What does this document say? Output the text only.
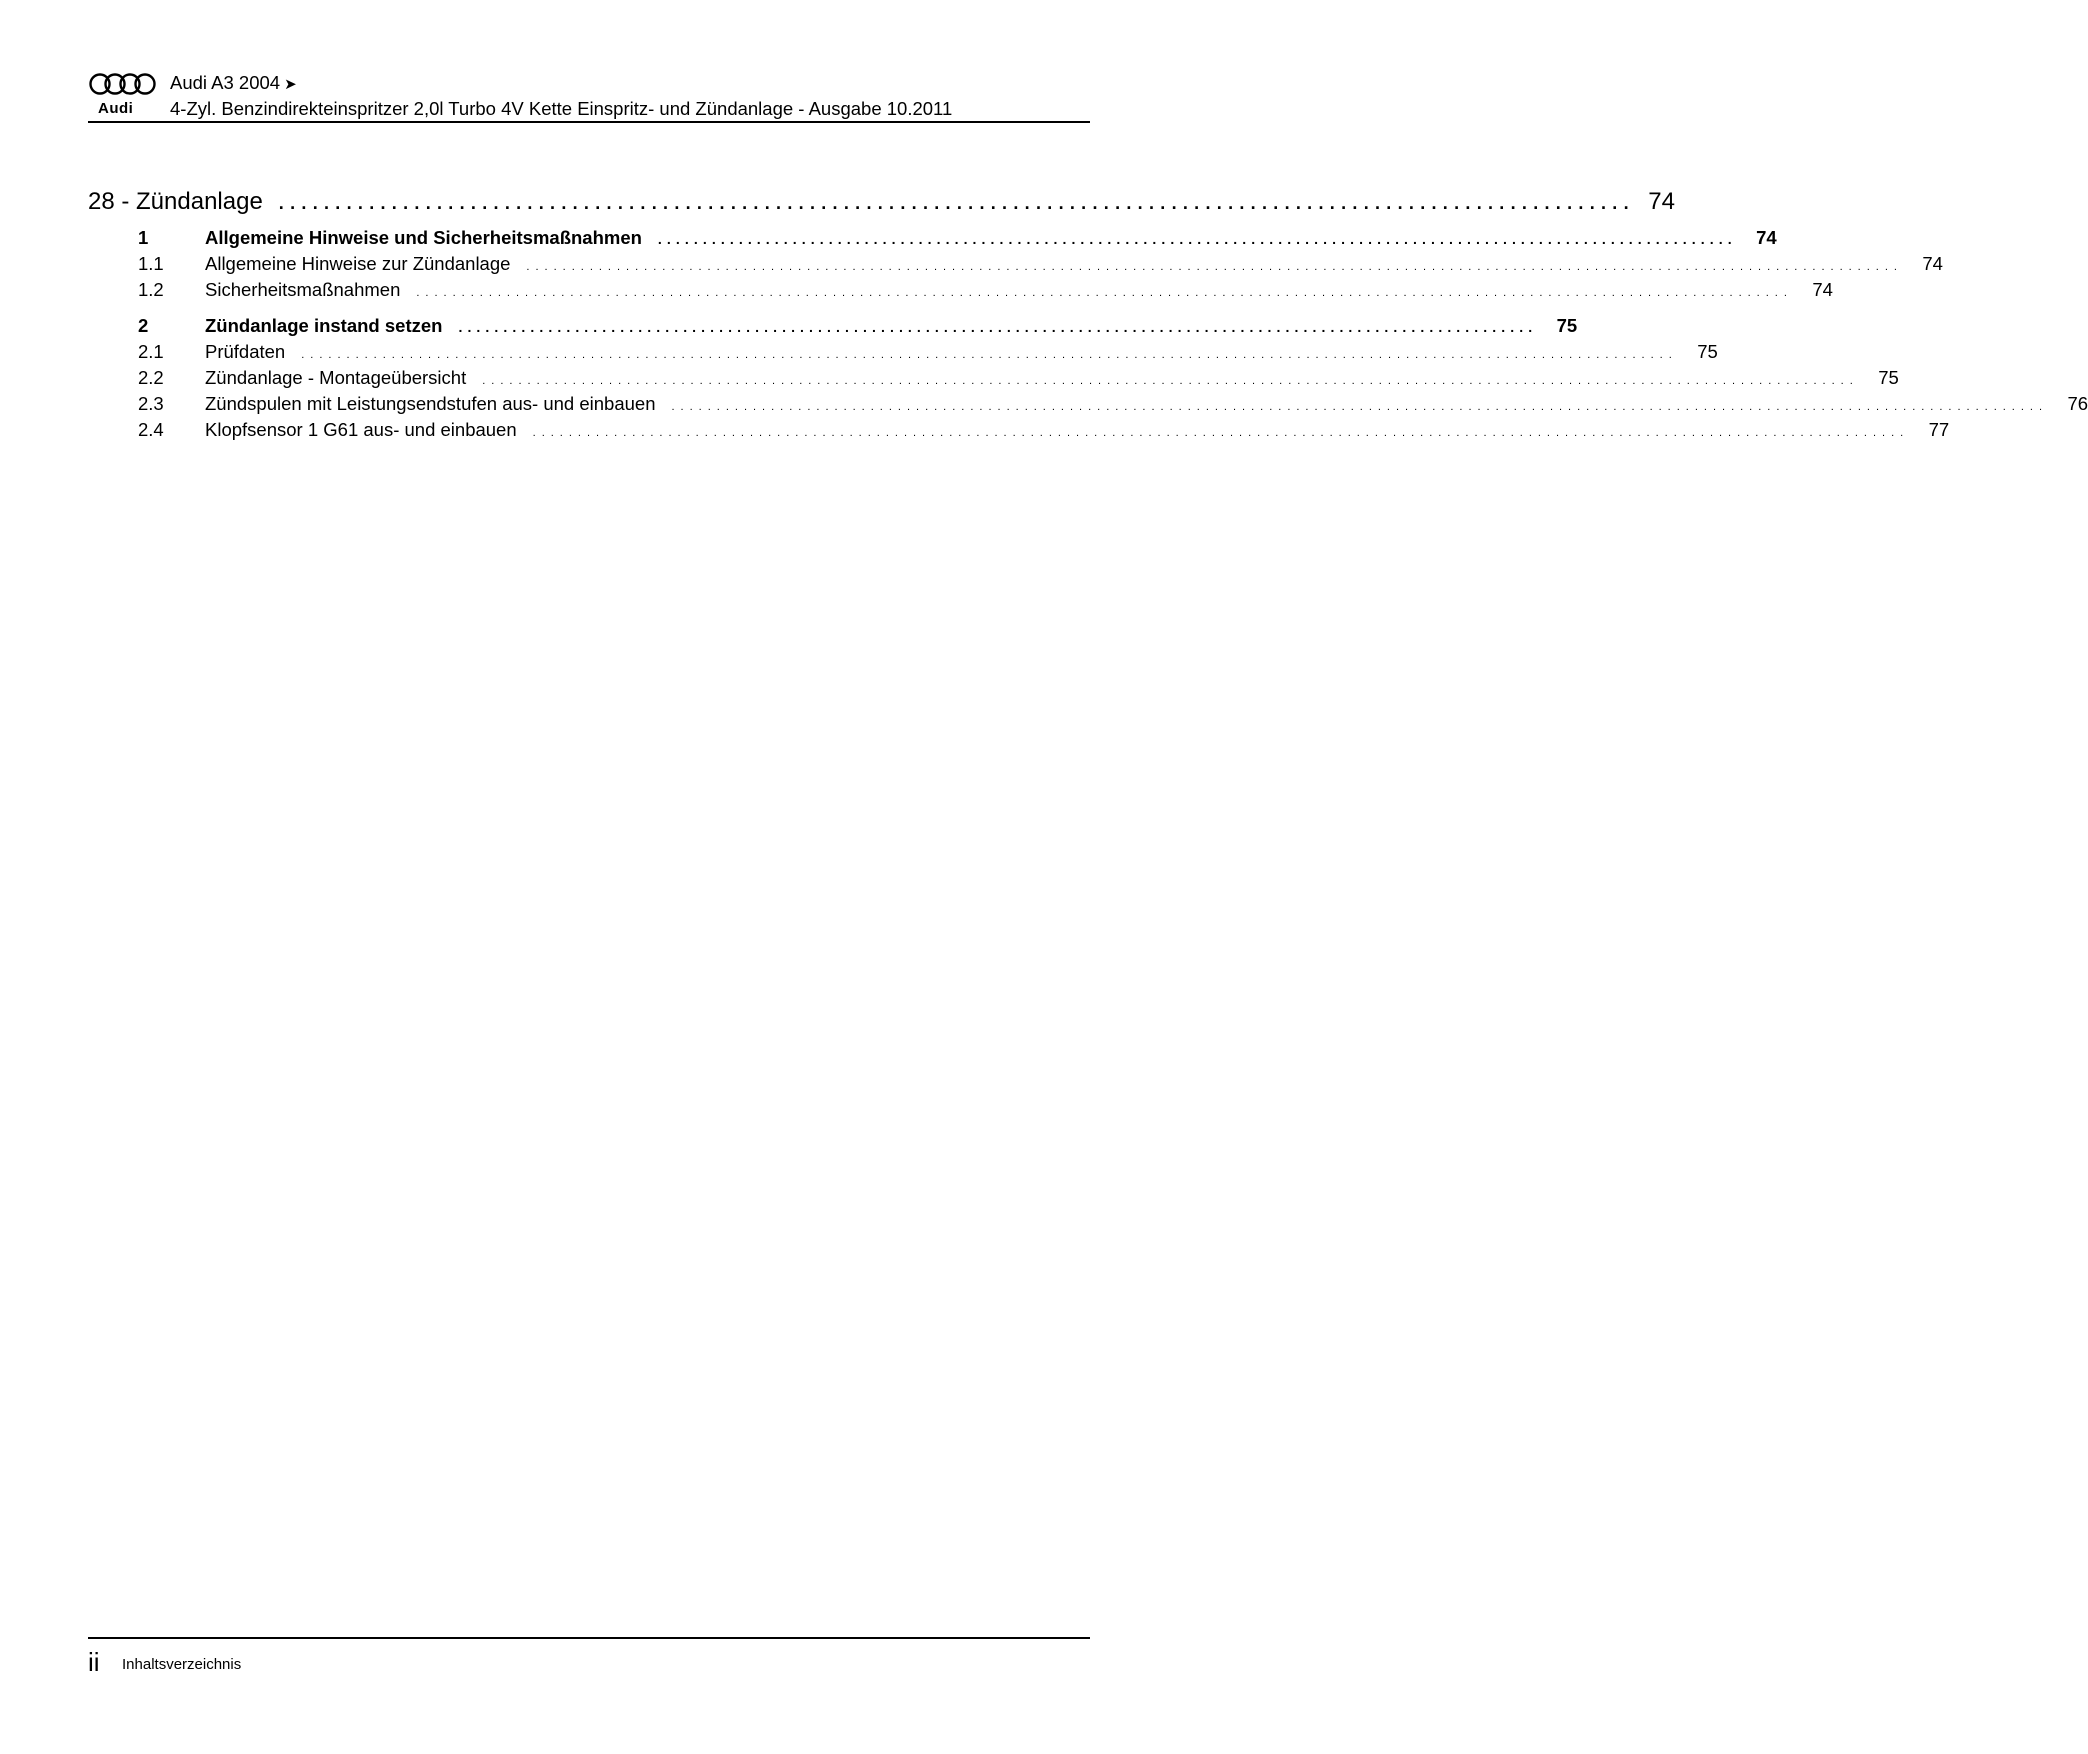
Audi
Audi A3 2004 ➤
4-Zyl. Benzindirekteinspritzer 2,0l Turbo 4V Kette Einspritz- und Zündanlage - Ausgabe 10.2011
28 - Zündanlage ........................................................................................................................ 74
1	Allgemeine Hinweise und Sicherheitsmaßnahmen ........................................................................................................................	74
1.1	Allgemeine Hinweise zur Zündanlage ........................................................................................................................................................	74
1.2	Sicherheitsmaßnahmen ........................................................................................................................................................	74
2	Zündanlage instand setzen ........................................................................................................................	75
2.1	Prüfdaten ........................................................................................................................................................	75
2.2	Zündanlage - Montageübersicht ........................................................................................................................................................	75
2.3	Zündspulen mit Leistungsendstufen aus- und einbauen ........................................................................................................................................................	76
2.4	Klopfsensor 1 G61 aus- und einbauen ........................................................................................................................................................	77
ii Inhaltsverzeichnis
